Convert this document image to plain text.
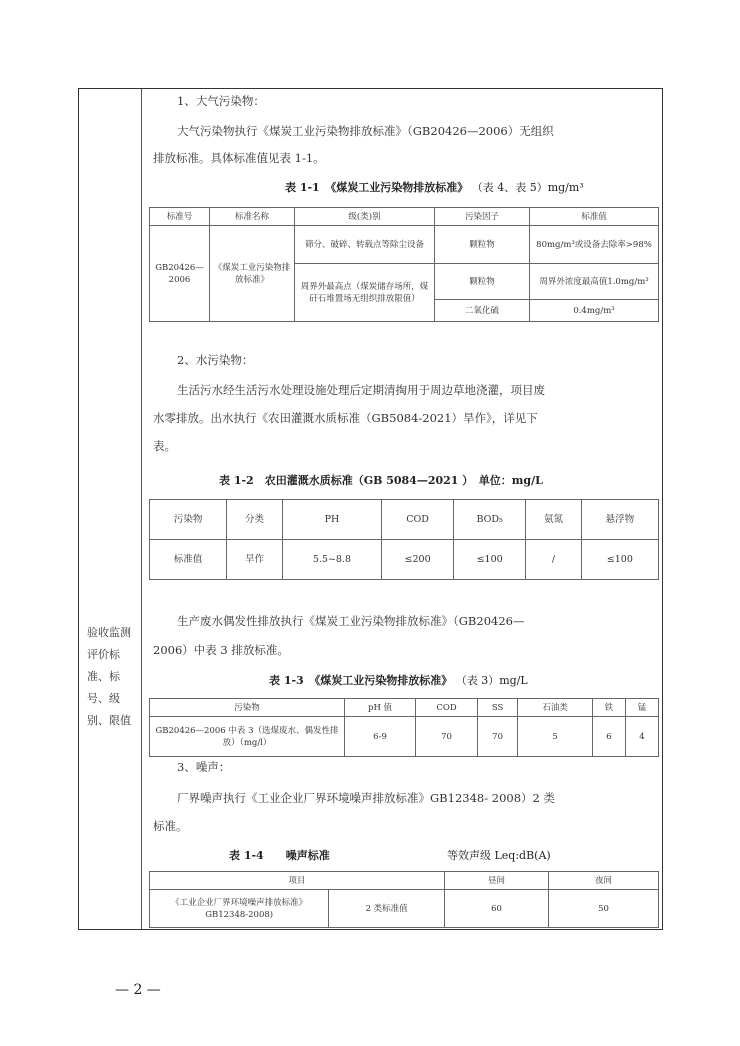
验收监测评价标准、标号、级别、限值
1、大气污染物：
大气污染物执行《煤炭工业污染物排放标准》（GB20426—2006）无组织
排放标准。具体标准值见表 1-1。
表 1-1　《煤炭工业污染物排放标准》 （表 4、表 5）mg/m³
标准号	标准名称	级(类)别	污染因子	标准值
GB20426—2006	《煤炭工业污染物排放标准》	筛分、破碎、转载点等除尘设备	颗粒物	80mg/m³或设备去除率>98%
		周界外最高点（煤炭储存场所，煤矸石堆置场无组织排放限值）	颗粒物	周界外浓度最高值1.0mg/m³
			二氧化硫	0.4mg/m³
2、水污染物：
生活污水经生活污水处理设施处理后定期清掏用于周边草地浇灌，项目废
水零排放。出水执行《农田灌溉水质标准（GB5084-2021）旱作》，详见下
表。
表 1-2　农田灌溉水质标准（GB 5084—2021 ）　单位：mg/L
污染物	分类	PH	COD	BOD₅	氨氮	悬浮物
标准值	旱作	5.5~8.8	≤200	≤100	/	≤100
生产废水偶发性排放执行《煤炭工业污染物排放标准》（GB20426—
2006）中表 3 排放标准。
表 1-3　《煤炭工业污染物排放标准》 （表 3）mg/L
污染物	pH 值	COD	SS	石油类	铁	锰
GB20426—2006 中表 3（选煤废水、偶发性排放）（mg/l）	6-9	70	70	5	6	4
3、噪声：
厂界噪声执行《工业企业厂界环境噪声排放标准》GB12348- 2008）2 类
标准。
表 1-4　　噪声标准	等效声级 Leq:dB(A)
项目		昼间	夜间
《工业企业厂界环境噪声排放标准》GB12348-2008)	2 类标准值	60	50
— 2 —
